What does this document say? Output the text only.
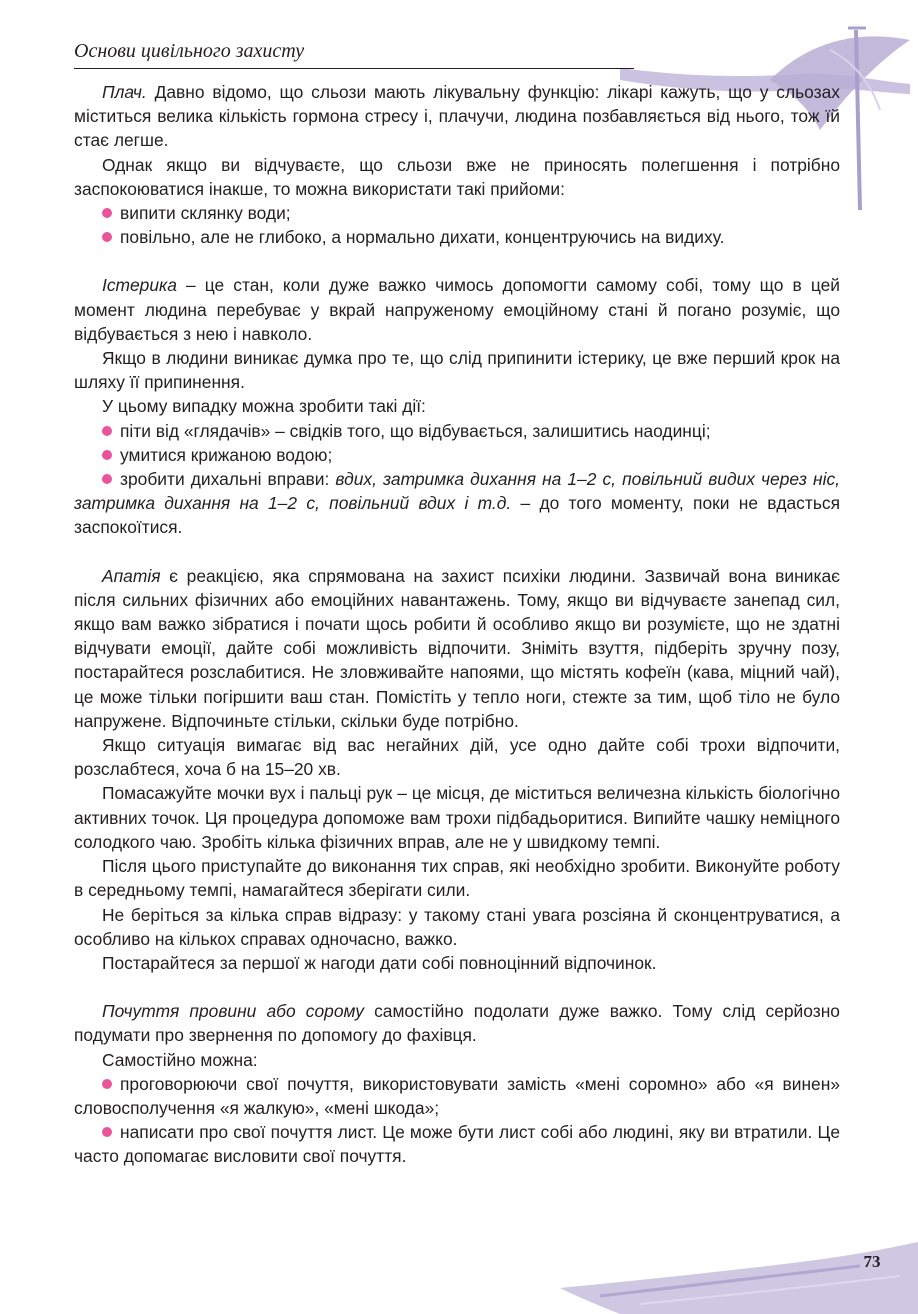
Основи цивільного захисту

Плач. Давно відомо, що сльози мають лікувальну функцію: лікарі кажуть, що у сльозах міститься велика кількість гормона стресу і, плачучи, людина позбавляється від нього, тож їй стає легше.

Однак якщо ви відчуваєте, що сльози вже не приносять полегшення і потрібно заспокоюватися інакше, то можна використати такі прийоми:

випити склянку води;

повільно, але не глибоко, а нормально дихати, концентруючись на видиху.

Істерика – це стан, коли дуже важко чимось допомогти самому собі, тому що в цей момент людина перебуває у вкрай напруженому емоційному стані й погано розуміє, що відбувається з нею і навколо.

Якщо в людини виникає думка про те, що слід припинити істерику, це вже перший крок на шляху її припинення.

У цьому випадку можна зробити такі дії:

піти від «глядачів» – свідків того, що відбувається, залишитись наодинці;

умитися крижаною водою;

зробити дихальні вправи: вдих, затримка дихання на 1–2 с, повільний видих через ніс, затримка дихання на 1–2 с, повільний вдих і т.д. – до того моменту, поки не вдасться заспокоїтися.

Апатія є реакцією, яка спрямована на захист психіки людини. Зазвичай вона виникає після сильних фізичних або емоційних навантажень. Тому, якщо ви відчуваєте занепад сил, якщо вам важко зібратися і почати щось робити й особливо якщо ви розумієте, що не здатні відчувати емоції, дайте собі можливість відпочити. Зніміть взуття, підберіть зручну позу, постарайтеся розслабитися. Не зловживайте напоями, що містять кофеїн (кава, міцний чай), це може тільки погіршити ваш стан. Помістіть у тепло ноги, стежте за тим, щоб тіло не було напружене. Відпочиньте стільки, скільки буде потрібно.

Якщо ситуація вимагає від вас негайних дій, усе одно дайте собі трохи відпочити, розслабтеся, хоча б на 15–20 хв.

Помасажуйте мочки вух і пальці рук – це місця, де міститься величезна кількість біологічно активних точок. Ця процедура допоможе вам трохи підбадьоритися. Випийте чашку неміцного солодкого чаю. Зробіть кілька фізичних вправ, але не у швидкому темпі.

Після цього приступайте до виконання тих справ, які необхідно зробити. Виконуйте роботу в середньому темпі, намагайтеся зберігати сили.

Не беріться за кілька справ відразу: у такому стані увага розсіяна й сконцентруватися, а особливо на кількох справах одночасно, важко.

Постарайтеся за першої ж нагоди дати собі повноцінний відпочинок.

Почуття провини або сорому самостійно подолати дуже важко. Тому слід серйозно подумати про звернення по допомогу до фахівця.

Самостійно можна:

проговорюючи свої почуття, використовувати замість «мені соромно» або «я винен» словосполучення «я жалкую», «мені шкода»;

написати про свої почуття лист. Це може бути лист собі або людині, яку ви втратили. Це часто допомагає висловити свої почуття.

73
